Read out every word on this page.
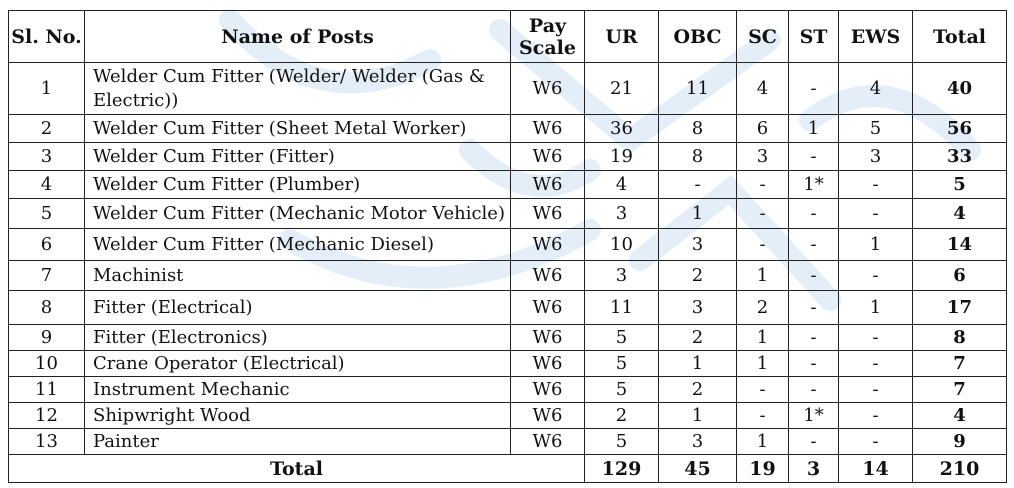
Sl. No.	Name of Posts	Pay Scale	UR	OBC	SC	ST	EWS	Total
1	Welder Cum Fitter (Welder/ Welder (Gas & Electric))	W6	21	11	4	-	4	40
2	Welder Cum Fitter (Sheet Metal Worker)	W6	36	8	6	1	5	56
3	Welder Cum Fitter (Fitter)	W6	19	8	3	-	3	33
4	Welder Cum Fitter (Plumber)	W6	4	-	-	1*	-	5
5	Welder Cum Fitter (Mechanic Motor Vehicle)	W6	3	1	-	-	-	4
6	Welder Cum Fitter (Mechanic Diesel)	W6	10	3	-	-	1	14
7	Machinist	W6	3	2	1	-	-	6
8	Fitter (Electrical)	W6	11	3	2	-	1	17
9	Fitter (Electronics)	W6	5	2	1	-	-	8
10	Crane Operator (Electrical)	W6	5	1	1	-	-	7
11	Instrument Mechanic	W6	5	2	-	-	-	7
12	Shipwright Wood	W6	2	1	-	1*	-	4
13	Painter	W6	5	3	1	-	-	9
Total			129	45	19	3	14	210
